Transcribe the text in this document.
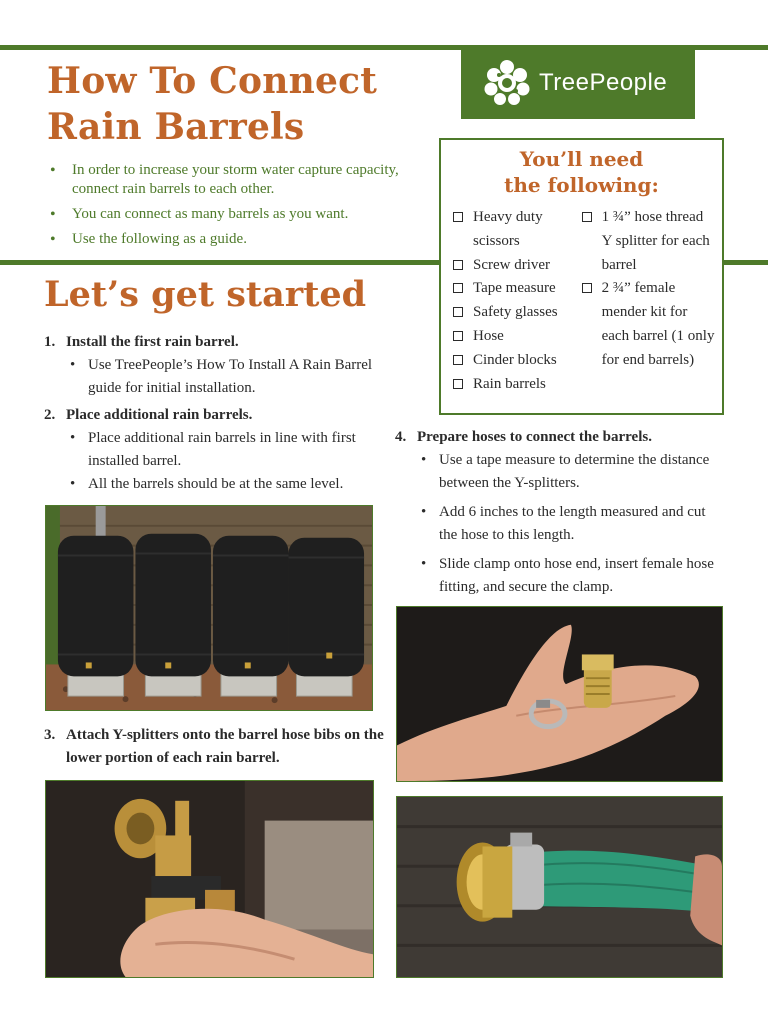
How To Connect
Rain Barrels
• In order to increase your storm water capture capacity, connect rain barrels to each other.
• You can connect as many barrels as you want.
• Use the following as a guide.
TreePeople
You’ll need
the following:
Heavy duty scissors
Screw driver
Tape measure
Safety glasses
Hose
Cinder blocks
Rain barrels
1 ¾” hose thread Y splitter for each barrel
2 ¾” female mender kit for each barrel (1 only for end barrels)
Let’s get started
1. Install the first rain barrel.
• Use TreePeople’s How To Install A Rain Barrel guide for initial installation.
2. Place additional rain barrels.
• Place additional rain barrels in line with first installed barrel.
• All the barrels should be at the same level.
3. Attach Y-splitters onto the barrel hose bibs on the lower portion of each rain barrel.
4. Prepare hoses to connect the barrels.
• Use a tape measure to determine the distance between the Y-splitters.
• Add 6 inches to the length measured and cut the hose to this length.
• Slide clamp onto hose end, insert female hose fitting, and secure the clamp.
